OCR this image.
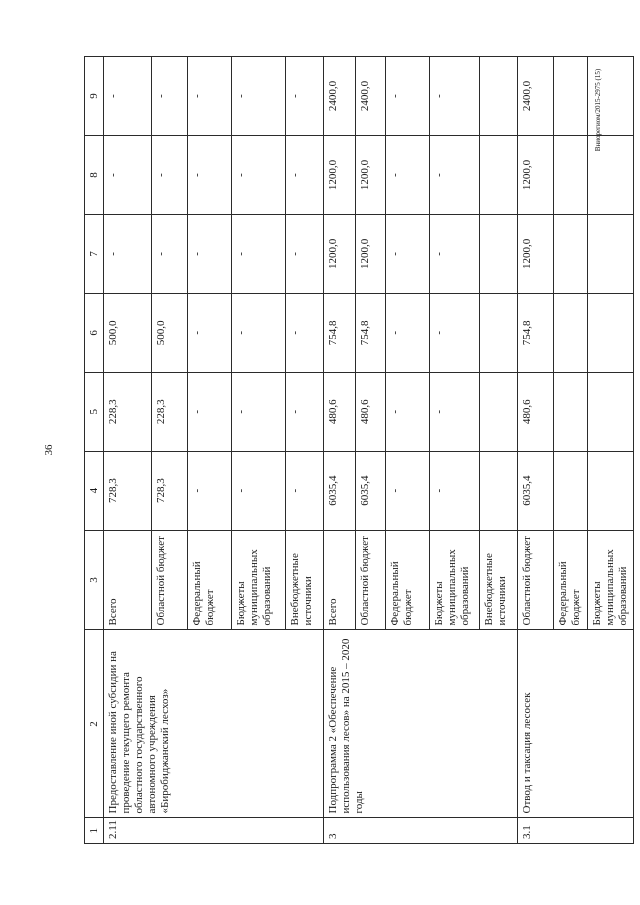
36
Вниорегиом/2015-2975 (15)
1	2	3	4	5	6	7	8	9
2.11	Предоставление иной субсидии на проведение текущего ремонта областного государственного автономного учреждения «Биробиджанский лесхоз»	Всего	728,3	228,3	500,0	-	-	-
		Областной бюджет	728,3	228,3	500,0	-	-	-
		Федеральный бюджет	-	-	-	-	-	-
		Бюджеты муниципальных образований	-	-	-	-	-	-
		Внебюджетные источники	-	-	-	-	-	-
3	Подпрограмма 2 «Обеспечение использования лесов» на 2015 – 2020 годы	Всего	6035,4	480,6	754,8	1200,0	1200,0	2400,0
		Областной бюджет	6035,4	480,6	754,8	1200,0	1200,0	2400,0
		Федеральный бюджет	-	-	-	-	-	-
		Бюджеты муниципальных образований	-	-	-	-	-	-
		Внебюджетные источники						
3.1	Отвод и таксация лесосек	Областной бюджет	6035,4	480,6	754,8	1200,0	1200,0	2400,0
		Федеральный бюджет						
		Бюджеты муниципальных образований						
